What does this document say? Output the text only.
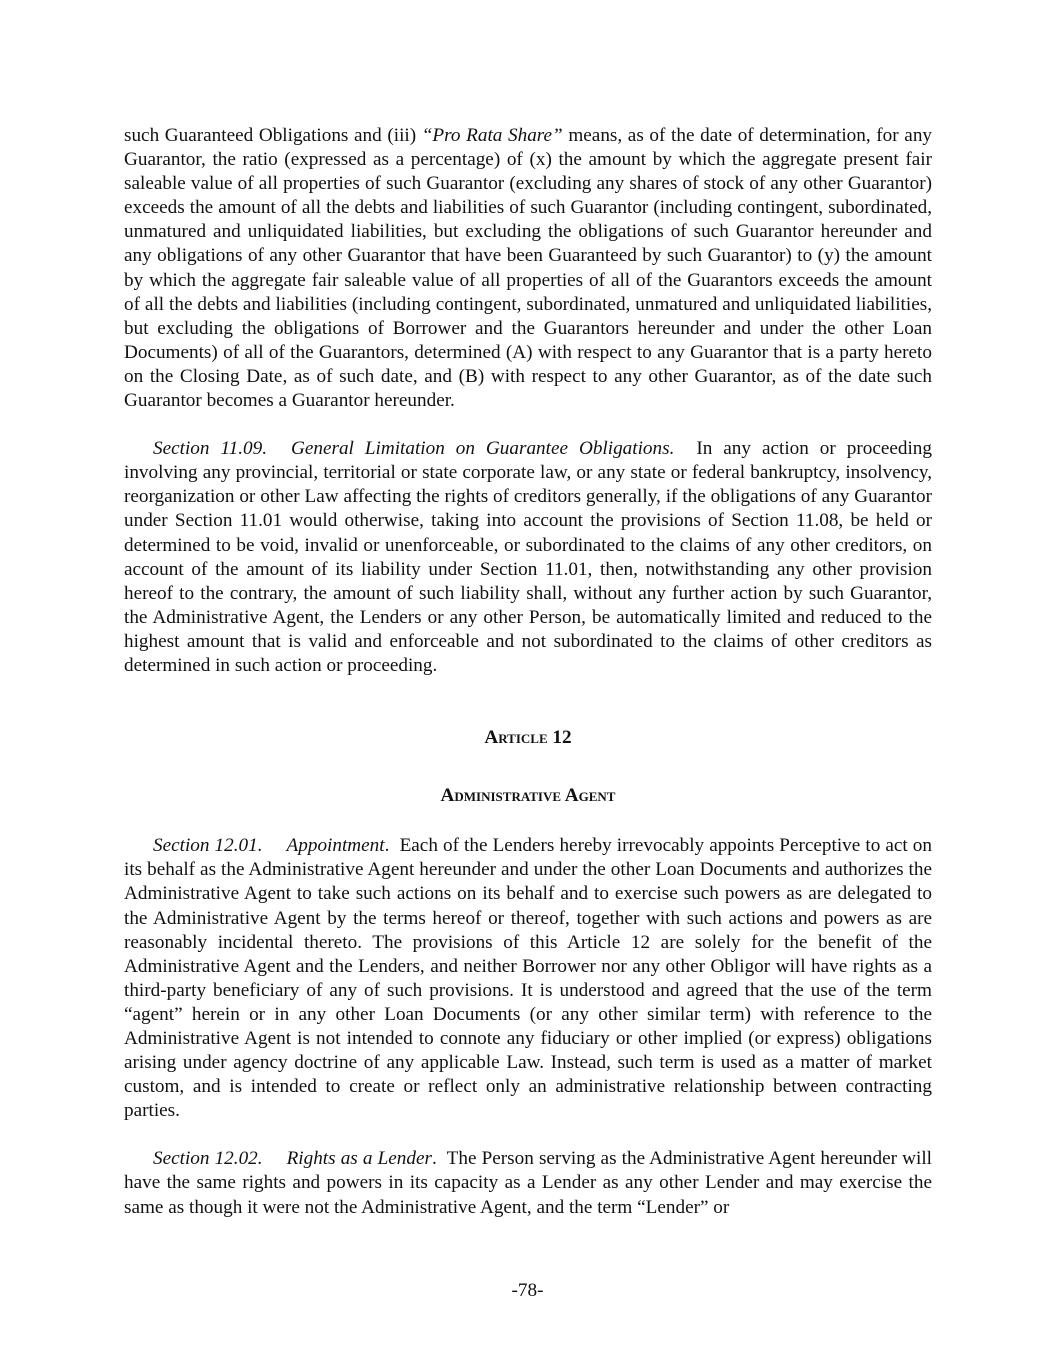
such Guaranteed Obligations and (iii) “Pro Rata Share” means, as of the date of determination, for any Guarantor, the ratio (expressed as a percentage) of (x) the amount by which the aggregate present fair saleable value of all properties of such Guarantor (excluding any shares of stock of any other Guarantor) exceeds the amount of all the debts and liabilities of such Guarantor (including contingent, subordinated, unmatured and unliquidated liabilities, but excluding the obligations of such Guarantor hereunder and any obligations of any other Guarantor that have been Guaranteed by such Guarantor) to (y) the amount by which the aggregate fair saleable value of all properties of all of the Guarantors exceeds the amount of all the debts and liabilities (including contingent, subordinated, unmatured and unliquidated liabilities, but excluding the obligations of Borrower and the Guarantors hereunder and under the other Loan Documents) of all of the Guarantors, determined (A) with respect to any Guarantor that is a party hereto on the Closing Date, as of such date, and (B) with respect to any other Guarantor, as of the date such Guarantor becomes a Guarantor hereunder.

Section 11.09. General Limitation on Guarantee Obligations. In any action or proceeding involving any provincial, territorial or state corporate law, or any state or federal bankruptcy, insolvency, reorganization or other Law affecting the rights of creditors generally, if the obligations of any Guarantor under Section 11.01 would otherwise, taking into account the provisions of Section 11.08, be held or determined to be void, invalid or unenforceable, or subordinated to the claims of any other creditors, on account of the amount of its liability under Section 11.01, then, notwithstanding any other provision hereof to the contrary, the amount of such liability shall, without any further action by such Guarantor, the Administrative Agent, the Lenders or any other Person, be automatically limited and reduced to the highest amount that is valid and enforceable and not subordinated to the claims of other creditors as determined in such action or proceeding.

Article 12

Administrative Agent

Section 12.01. Appointment.  Each of the Lenders hereby irrevocably appoints Perceptive to act on its behalf as the Administrative Agent hereunder and under the other Loan Documents and authorizes the Administrative Agent to take such actions on its behalf and to exercise such powers as are delegated to the Administrative Agent by the terms hereof or thereof, together with such actions and powers as are reasonably incidental thereto. The provisions of this Article 12 are solely for the benefit of the Administrative Agent and the Lenders, and neither Borrower nor any other Obligor will have rights as a third-party beneficiary of any of such provisions. It is understood and agreed that the use of the term “agent” herein or in any other Loan Documents (or any other similar term) with reference to the Administrative Agent is not intended to connote any fiduciary or other implied (or express) obligations arising under agency doctrine of any applicable Law. Instead, such term is used as a matter of market custom, and is intended to create or reflect only an administrative relationship between contracting parties.

Section 12.02. Rights as a Lender.  The Person serving as the Administrative Agent hereunder will have the same rights and powers in its capacity as a Lender as any other Lender and may exercise the same as though it were not the Administrative Agent, and the term “Lender” or

-78-
